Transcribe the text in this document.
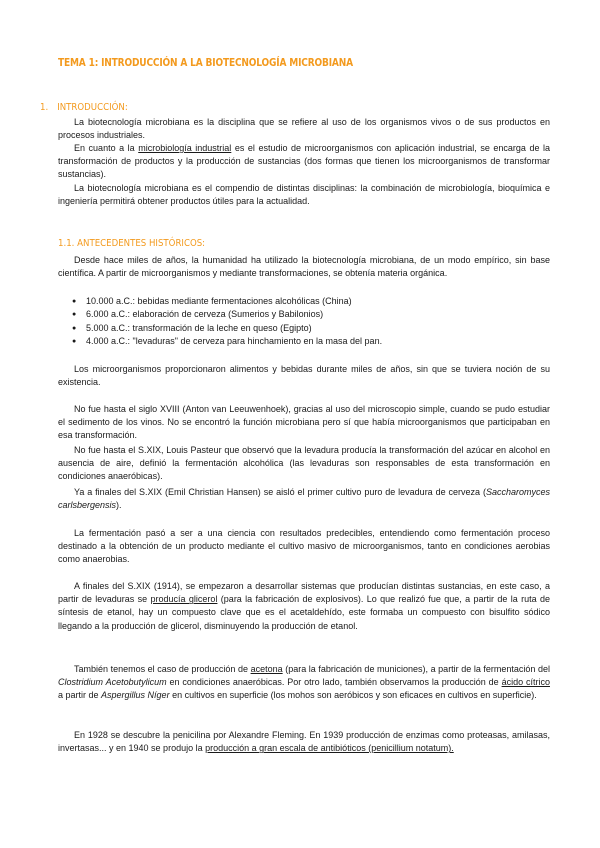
TEMA 1: INTRODUCCIÓN A LA BIOTECNOLOGÍA MICROBIANA
1. INTRODUCCIÓN:
La biotecnología microbiana es la disciplina que se refiere al uso de los organismos vivos o de sus productos en procesos industriales.
En cuanto a la microbiología industrial es el estudio de microorganismos con aplicación industrial, se encarga de la transformación de productos y la producción de sustancias (dos formas que tienen los microorganismos de transformar sustancias).
La biotecnología microbiana es el compendio de distintas disciplinas: la combinación de microbiología, bioquímica e ingeniería permitirá obtener productos útiles para la actualidad.
1.1. ANTECEDENTES HISTÓRICOS:
Desde hace miles de años, la humanidad ha utilizado la biotecnología microbiana, de un modo empírico, sin base científica. A partir de microorganismos y mediante transformaciones, se obtenía materia orgánica.
● 10.000 a.C.: bebidas mediante fermentaciones alcohólicas (China)
● 6.000 a.C.: elaboración de cerveza (Sumerios y Babilonios)
● 5.000 a.C.: transformación de la leche en queso (Egipto)
● 4.000 a.C.: "levaduras" de cerveza para hinchamiento en la masa del pan.
Los microorganismos proporcionaron alimentos y bebidas durante miles de años, sin que se tuviera noción de su existencia.
No fue hasta el siglo XVIII (Anton van Leeuwenhoek), gracias al uso del microscopio simple, cuando se pudo estudiar el sedimento de los vinos. No se encontró la función microbiana pero sí que había microorganismos que participaban en esa transformación.
No fue hasta el S.XIX, Louis Pasteur que observó que la levadura producía la transformación del azúcar en alcohol en ausencia de aire, definió la fermentación alcohólica (las levaduras son responsables de esta transformación en condiciones anaeróbicas).
Ya a finales del S.XIX (Emil Christian Hansen) se aisló el primer cultivo puro de levadura de cerveza (Saccharomyces carlsbergensis).
La fermentación pasó a ser a una ciencia con resultados predecibles, entendiendo como fermentación proceso destinado a la obtención de un producto mediante el cultivo masivo de microorganismos, tanto en condiciones aerobias como anaerobias.
A finales del S.XIX (1914), se empezaron a desarrollar sistemas que producían distintas sustancias, en este caso, a partir de levaduras se producía glicerol (para la fabricación de explosivos). Lo que realizó fue que, a partir de la ruta de síntesis de etanol, hay un compuesto clave que es el acetaldehído, este formaba un compuesto con bisulfito sódico llegando a la producción de glicerol, disminuyendo la producción de etanol.
También tenemos el caso de producción de acetona (para la fabricación de municiones), a partir de la fermentación del Clostridium Acetobutylicum en condiciones anaeróbicas. Por otro lado, también observamos la producción de ácido cítrico a partir de Aspergillus Níger en cultivos en superficie (los mohos son aeróbicos y son eficaces en cultivos en superficie).
En 1928 se descubre la penicilina por Alexandre Fleming. En 1939 producción de enzimas como proteasas, amilasas, invertasas... y en 1940 se produjo la producción a gran escala de antibióticos (penicillium notatum).
